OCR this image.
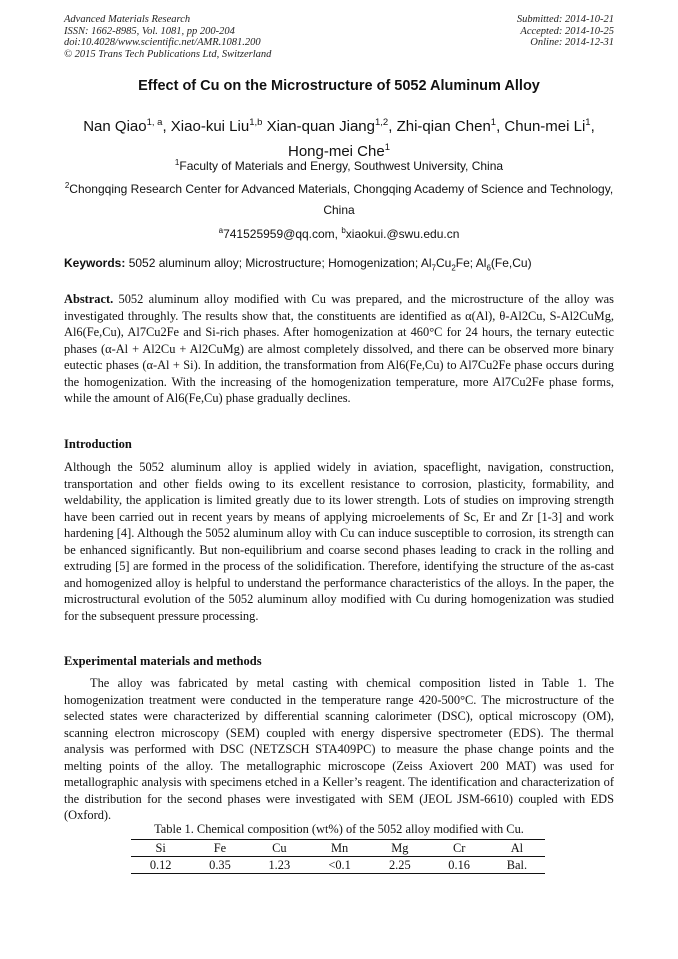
Advanced Materials Research
ISSN: 1662-8985, Vol. 1081, pp 200-204
doi:10.4028/www.scientific.net/AMR.1081.200
© 2015 Trans Tech Publications Ltd, Switzerland
Submitted: 2014-10-21
Accepted: 2014-10-25
Online: 2014-12-31
Effect of Cu on the Microstructure of 5052 Aluminum Alloy
Nan Qiao$^{1, a}$, Xiao-kui Liu$^{1,b}$ Xian-quan Jiang$^{1,2}$, Zhi-qian Chen$^1$, Chun-mei Li$^1$,
Hong-mei Che$^1$
$^1$Faculty of Materials and Energy, Southwest University, China
$^2$Chongqing Research Center for Advanced Materials, Chongqing Academy of Science and Technology, China
$^a$741525959@qq.com, $^b$xiaokui.@swu.edu.cn
Keywords: 5052 aluminum alloy; Microstructure; Homogenization; $Al_7Cu_2Fe$; $Al_6(Fe,Cu)$

Abstract. 5052 aluminum alloy modified with Cu was prepared, and the microstructure of the alloy was investigated throughly. The results show that, the constituents are identified as α(Al), θ-Al2Cu, S-Al2CuMg, Al6(Fe,Cu), Al7Cu2Fe and Si-rich phases. After homogenization at 460°C for 24 hours, the ternary eutectic phases (α-Al + Al2Cu + Al2CuMg) are almost completely dissolved, and there can be observed more binary eutectic phases (α-Al + Si). In addition, the transformation from Al6(Fe,Cu) to Al7Cu2Fe phase occurs during the homogenization. With the increasing of the homogenization temperature, more Al7Cu2Fe phase forms, while the amount of Al6(Fe,Cu) phase gradually declines.

Introduction

Although the 5052 aluminum alloy is applied widely in aviation, spaceflight, navigation, construction, transportation and other fields owing to its excellent resistance to corrosion, plasticity, formability, and weldability, the application is limited greatly due to its lower strength. Lots of studies on improving strength have been carried out in recent years by means of applying microelements of Sc, Er and Zr [1-3] and work hardening [4]. Although the 5052 aluminum alloy with Cu can induce susceptible to corrosion, its strength can be enhanced significantly. But non-equilibrium and coarse second phases leading to crack in the rolling and extruding [5] are formed in the process of the solidification. Therefore, identifying the structure of the as-cast and homogenized alloy is helpful to understand the performance characteristics of the alloys. In the paper, the microstructural evolution of the 5052 aluminum alloy modified with Cu during homogenization was studied for the subsequent pressure processing.

Experimental materials and methods

The alloy was fabricated by metal casting with chemical composition listed in Table 1. The homogenization treatment were conducted in the temperature range 420-500°C. The microstructure of the selected states were characterized by differential scanning calorimeter (DSC), optical microscopy (OM), scanning electron microscopy (SEM) coupled with energy dispersive spectrometer (EDS). The thermal analysis was performed with DSC (NETZSCH STA409PC) to measure the phase change points and the melting points of the alloy. The metallographic microscope (Zeiss Axiovert 200 MAT) was used for metallographic analysis with specimens etched in a Keller’s reagent. The identification and characterization of the distribution for the second phases were investigated with SEM (JEOL JSM-6610) coupled with EDS (Oxford).

Table 1. Chemical composition (wt%) of the 5052 alloy modified with Cu.
Si	Fe	Cu	Mn	Mg	Cr	Al
0.12	0.35	1.23	<0.1	2.25	0.16	Bal.
